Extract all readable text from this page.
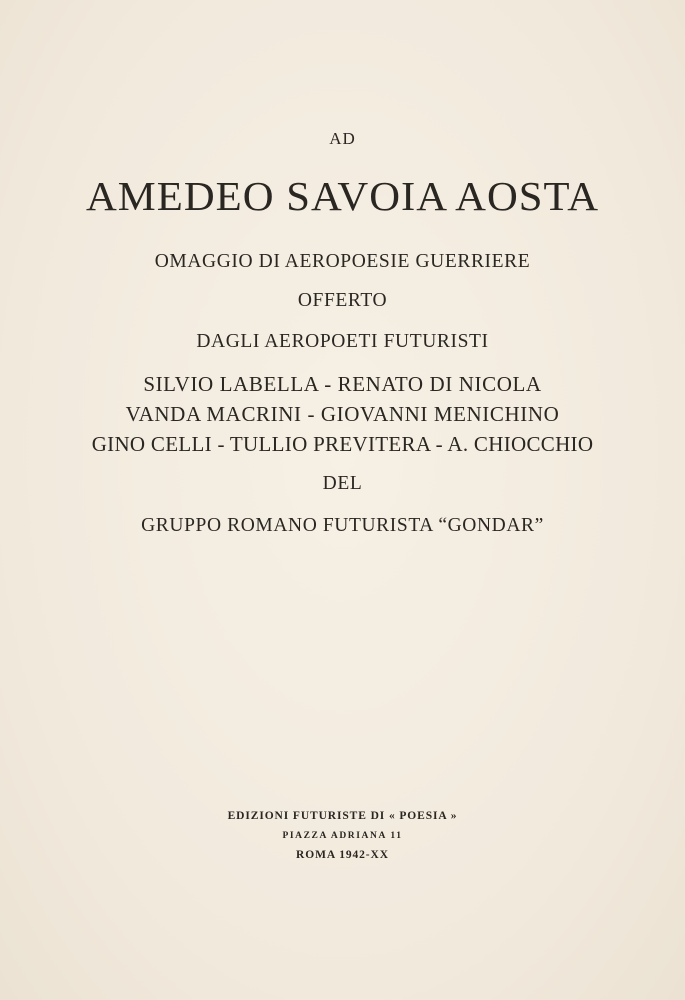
AD

AMEDEO SAVOIA AOSTA

OMAGGIO DI AEROPOESIE GUERRIERE

OFFERTO

DAGLI AEROPOETI FUTURISTI

SILVIO LABELLA - RENATO DI NICOLA

VANDA MACRINI - GIOVANNI MENICHINO

GINO CELLI - TULLIO PREVITERA - A. CHIOCCHIO

DEL

GRUPPO ROMANO FUTURISTA “GONDAR”

EDIZIONI FUTURISTE DI « POESIA »

PIAZZA ADRIANA 11

ROMA 1942-XX
